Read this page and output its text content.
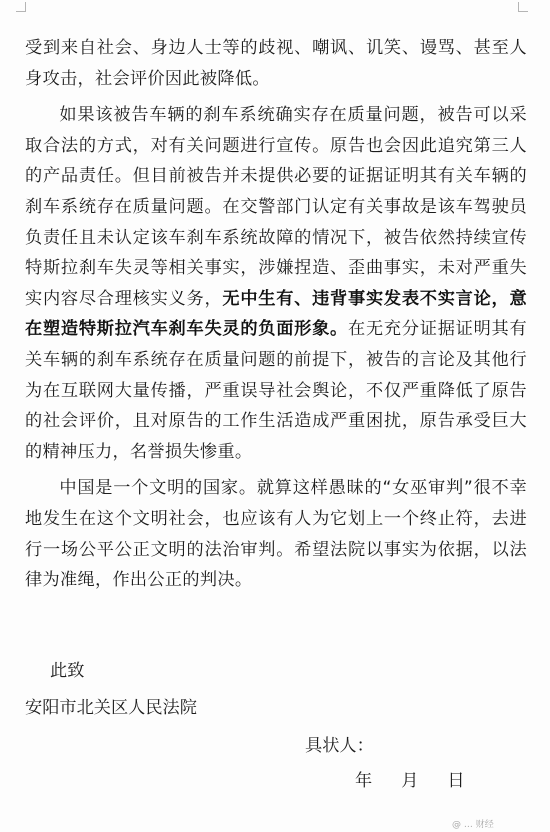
受到来自社会、身边人士等的歧视、嘲讽、讥笑、谩骂、甚至人身攻击，社会评价因此被降低。

如果该被告车辆的刹车系统确实存在质量问题，被告可以采取合法的方式，对有关问题进行宣传。原告也会因此追究第三人的产品责任。但目前被告并未提供必要的证据证明其有关车辆的刹车系统存在质量问题。在交警部门认定有关事故是该车驾驶员负责任且未认定该车刹车系统故障的情况下，被告依然持续宣传特斯拉刹车失灵等相关事实，涉嫌捏造、歪曲事实，未对严重失实内容尽合理核实义务，无中生有、违背事实发表不实言论，意在塑造特斯拉汽车刹车失灵的负面形象。在无充分证据证明其有关车辆的刹车系统存在质量问题的前提下，被告的言论及其他行为在互联网大量传播，严重误导社会舆论，不仅严重降低了原告的社会评价，且对原告的工作生活造成严重困扰，原告承受巨大的精神压力，名誉损失惨重。

中国是一个文明的国家。就算这样愚昧的“女巫审判”很不幸地发生在这个文明社会，也应该有人为它划上一个终止符，去进行一场公平公正文明的法治审判。希望法院以事实为依据，以法律为准绳，作出公正的判决。

此致
安阳市北关区人民法院
具状人：
年 月 日
@ … 财经
